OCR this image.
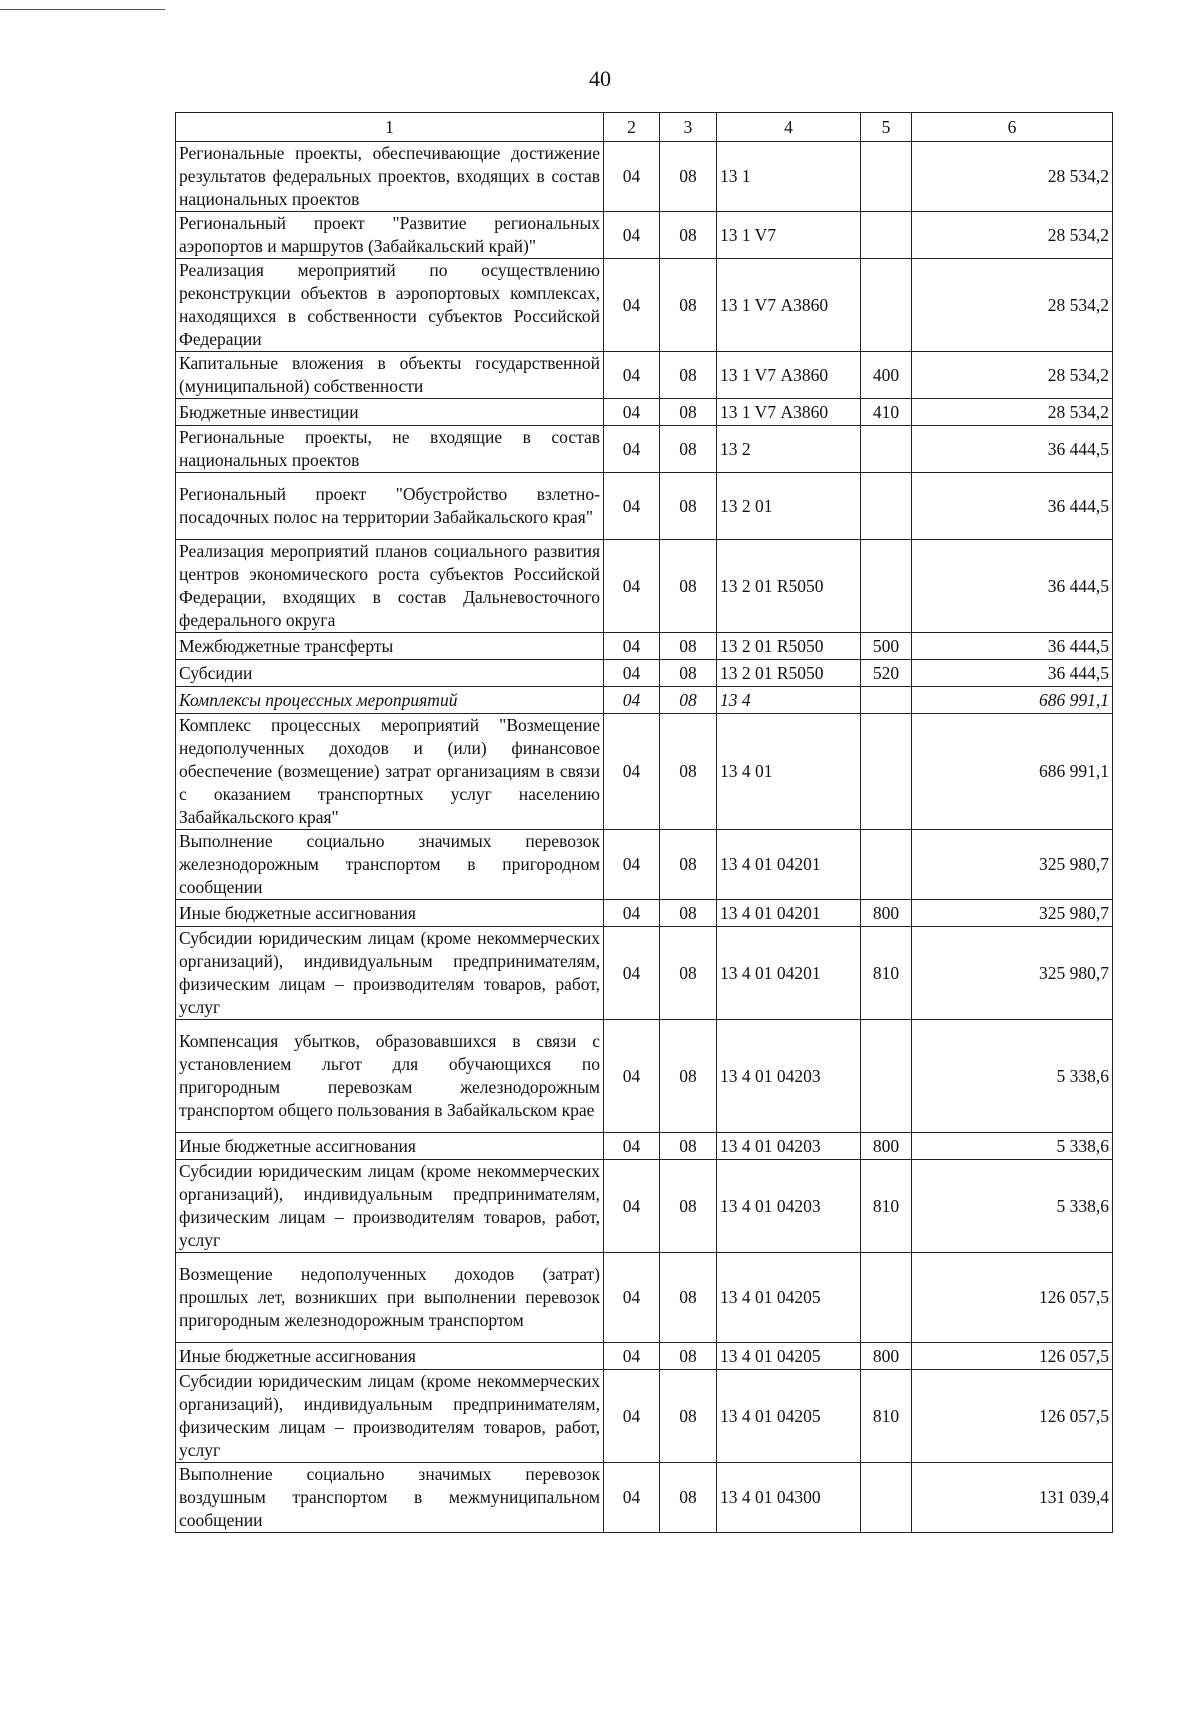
40
1	2	3	4	5	6
Региональные проекты, обеспечивающие достижение результатов федеральных проектов, входящих в состав национальных проектов	04	08	13 1		28 534,2
Региональный проект "Развитие региональных аэропортов и маршрутов (Забайкальский край)"	04	08	13 1 V7		28 534,2
Реализация мероприятий по осуществлению реконструкции объектов в аэропортовых комплексах, находящихся в собственности субъектов Российской Федерации	04	08	13 1 V7 А3860		28 534,2
Капитальные вложения в объекты государственной (муниципальной) собственности	04	08	13 1 V7 А3860	400	28 534,2
Бюджетные инвестиции	04	08	13 1 V7 А3860	410	28 534,2
Региональные проекты, не входящие в состав национальных проектов	04	08	13 2		36 444,5
Региональный проект "Обустройство взлетно-посадочных полос на территории Забайкальского края"	04	08	13 2 01		36 444,5
Реализация мероприятий планов социального развития центров экономического роста субъектов Российской Федерации, входящих в состав Дальневосточного федерального округа	04	08	13 2 01 R5050		36 444,5
Межбюджетные трансферты	04	08	13 2 01 R5050	500	36 444,5
Субсидии	04	08	13 2 01 R5050	520	36 444,5
Комплексы процессных мероприятий	04	08	13 4		686 991,1
Комплекс процессных мероприятий "Возмещение недополученных доходов и (или) финансовое обеспечение (возмещение) затрат организациям в связи с оказанием транспортных услуг населению Забайкальского края"	04	08	13 4 01		686 991,1
Выполнение социально значимых перевозок железнодорожным транспортом в пригородном сообщении	04	08	13 4 01 04201		325 980,7
Иные бюджетные ассигнования	04	08	13 4 01 04201	800	325 980,7
Субсидии юридическим лицам (кроме некоммерческих организаций), индивидуальным предпринимателям, физическим лицам – производителям товаров, работ, услуг	04	08	13 4 01 04201	810	325 980,7
Компенсация убытков, образовавшихся в связи с установлением льгот для обучающихся по пригородным перевозкам железнодорожным транспортом общего пользования в Забайкальском крае	04	08	13 4 01 04203		5 338,6
Иные бюджетные ассигнования	04	08	13 4 01 04203	800	5 338,6
Субсидии юридическим лицам (кроме некоммерческих организаций), индивидуальным предпринимателям, физическим лицам – производителям товаров, работ, услуг	04	08	13 4 01 04203	810	5 338,6
Возмещение недополученных доходов (затрат) прошлых лет, возникших при выполнении перевозок пригородным железнодорожным транспортом	04	08	13 4 01 04205		126 057,5
Иные бюджетные ассигнования	04	08	13 4 01 04205	800	126 057,5
Субсидии юридическим лицам (кроме некоммерческих организаций), индивидуальным предпринимателям, физическим лицам – производителям товаров, работ, услуг	04	08	13 4 01 04205	810	126 057,5
Выполнение социально значимых перевозок воздушным транспортом в межмуниципальном сообщении	04	08	13 4 01 04300		131 039,4
